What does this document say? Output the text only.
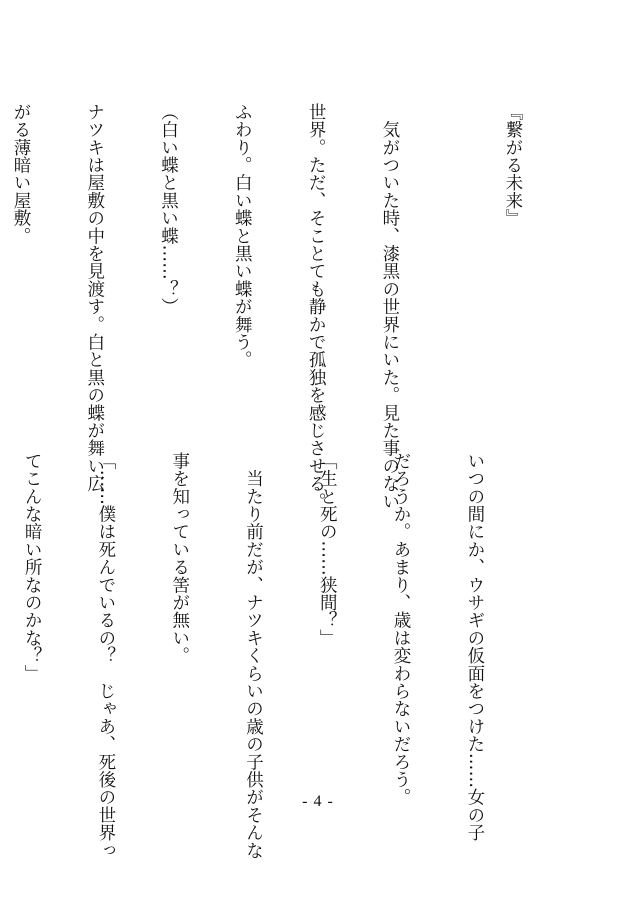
『繋がる未来』

　気がついた時、漆黒の世界にいた。見た事のない

世界。ただ、そことても静かで孤独を感じさせる。

ふわり。白い蝶と黒い蝶が舞う。

（白い蝶と黒い蝶……？）

ナツキは屋敷の中を見渡す。白と黒の蝶が舞い広

がる薄暗い屋敷。

いつの間にか、ウサギの仮面をつけた……女の子

だろうか。あまり、歳は変わらないだろう。

「生と死の……狭間？」

　当たり前だが、ナツキくらいの歳の子供がそんな

事を知っている筈が無い。

「……僕は死んでいるの？　じゃあ、死後の世界っ

てこんな暗い所なのかな？」

- 4 -
